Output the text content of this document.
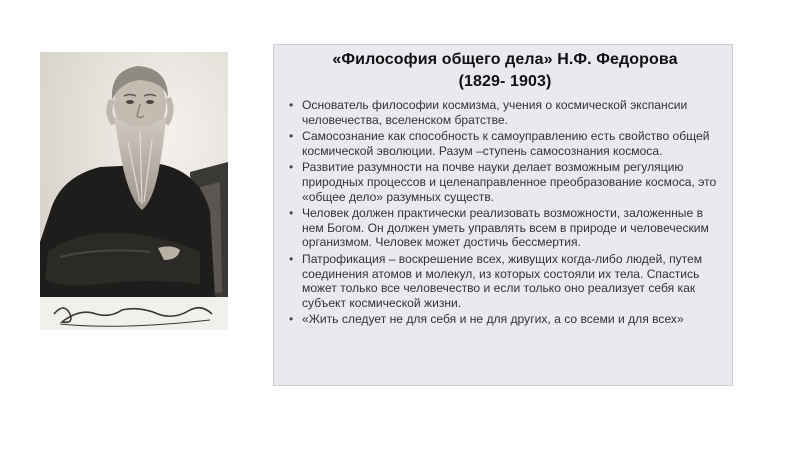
«Философия общего дела» Н.Ф. Федорова
(1829- 1903)
• Основатель философии космизма, учения о космической экспансии человечества, вселенском братстве.
• Самосознание как способность к самоуправлению есть свойство общей космической эволюции. Разум –ступень самосознания космоса.
• Развитие разумности на почве науки делает возможным регуляцию природных процессов и целенаправленное преобразование космоса, это «общее дело» разумных существ.
• Человек должен практически реализовать возможности, заложенные в нем Богом. Он должен уметь управлять всем в природе и человеческим организмом. Человек может достичь бессмертия.
• Патрофикация – воскрешение всех, живущих когда-либо людей, путем соединения атомов и молекул, из которых состояли их тела. Спастись может только все человечество и если только оно реализует себя как субъект космической жизни.
• «Жить следует не для себя и не для других, а со всеми и для всех»
